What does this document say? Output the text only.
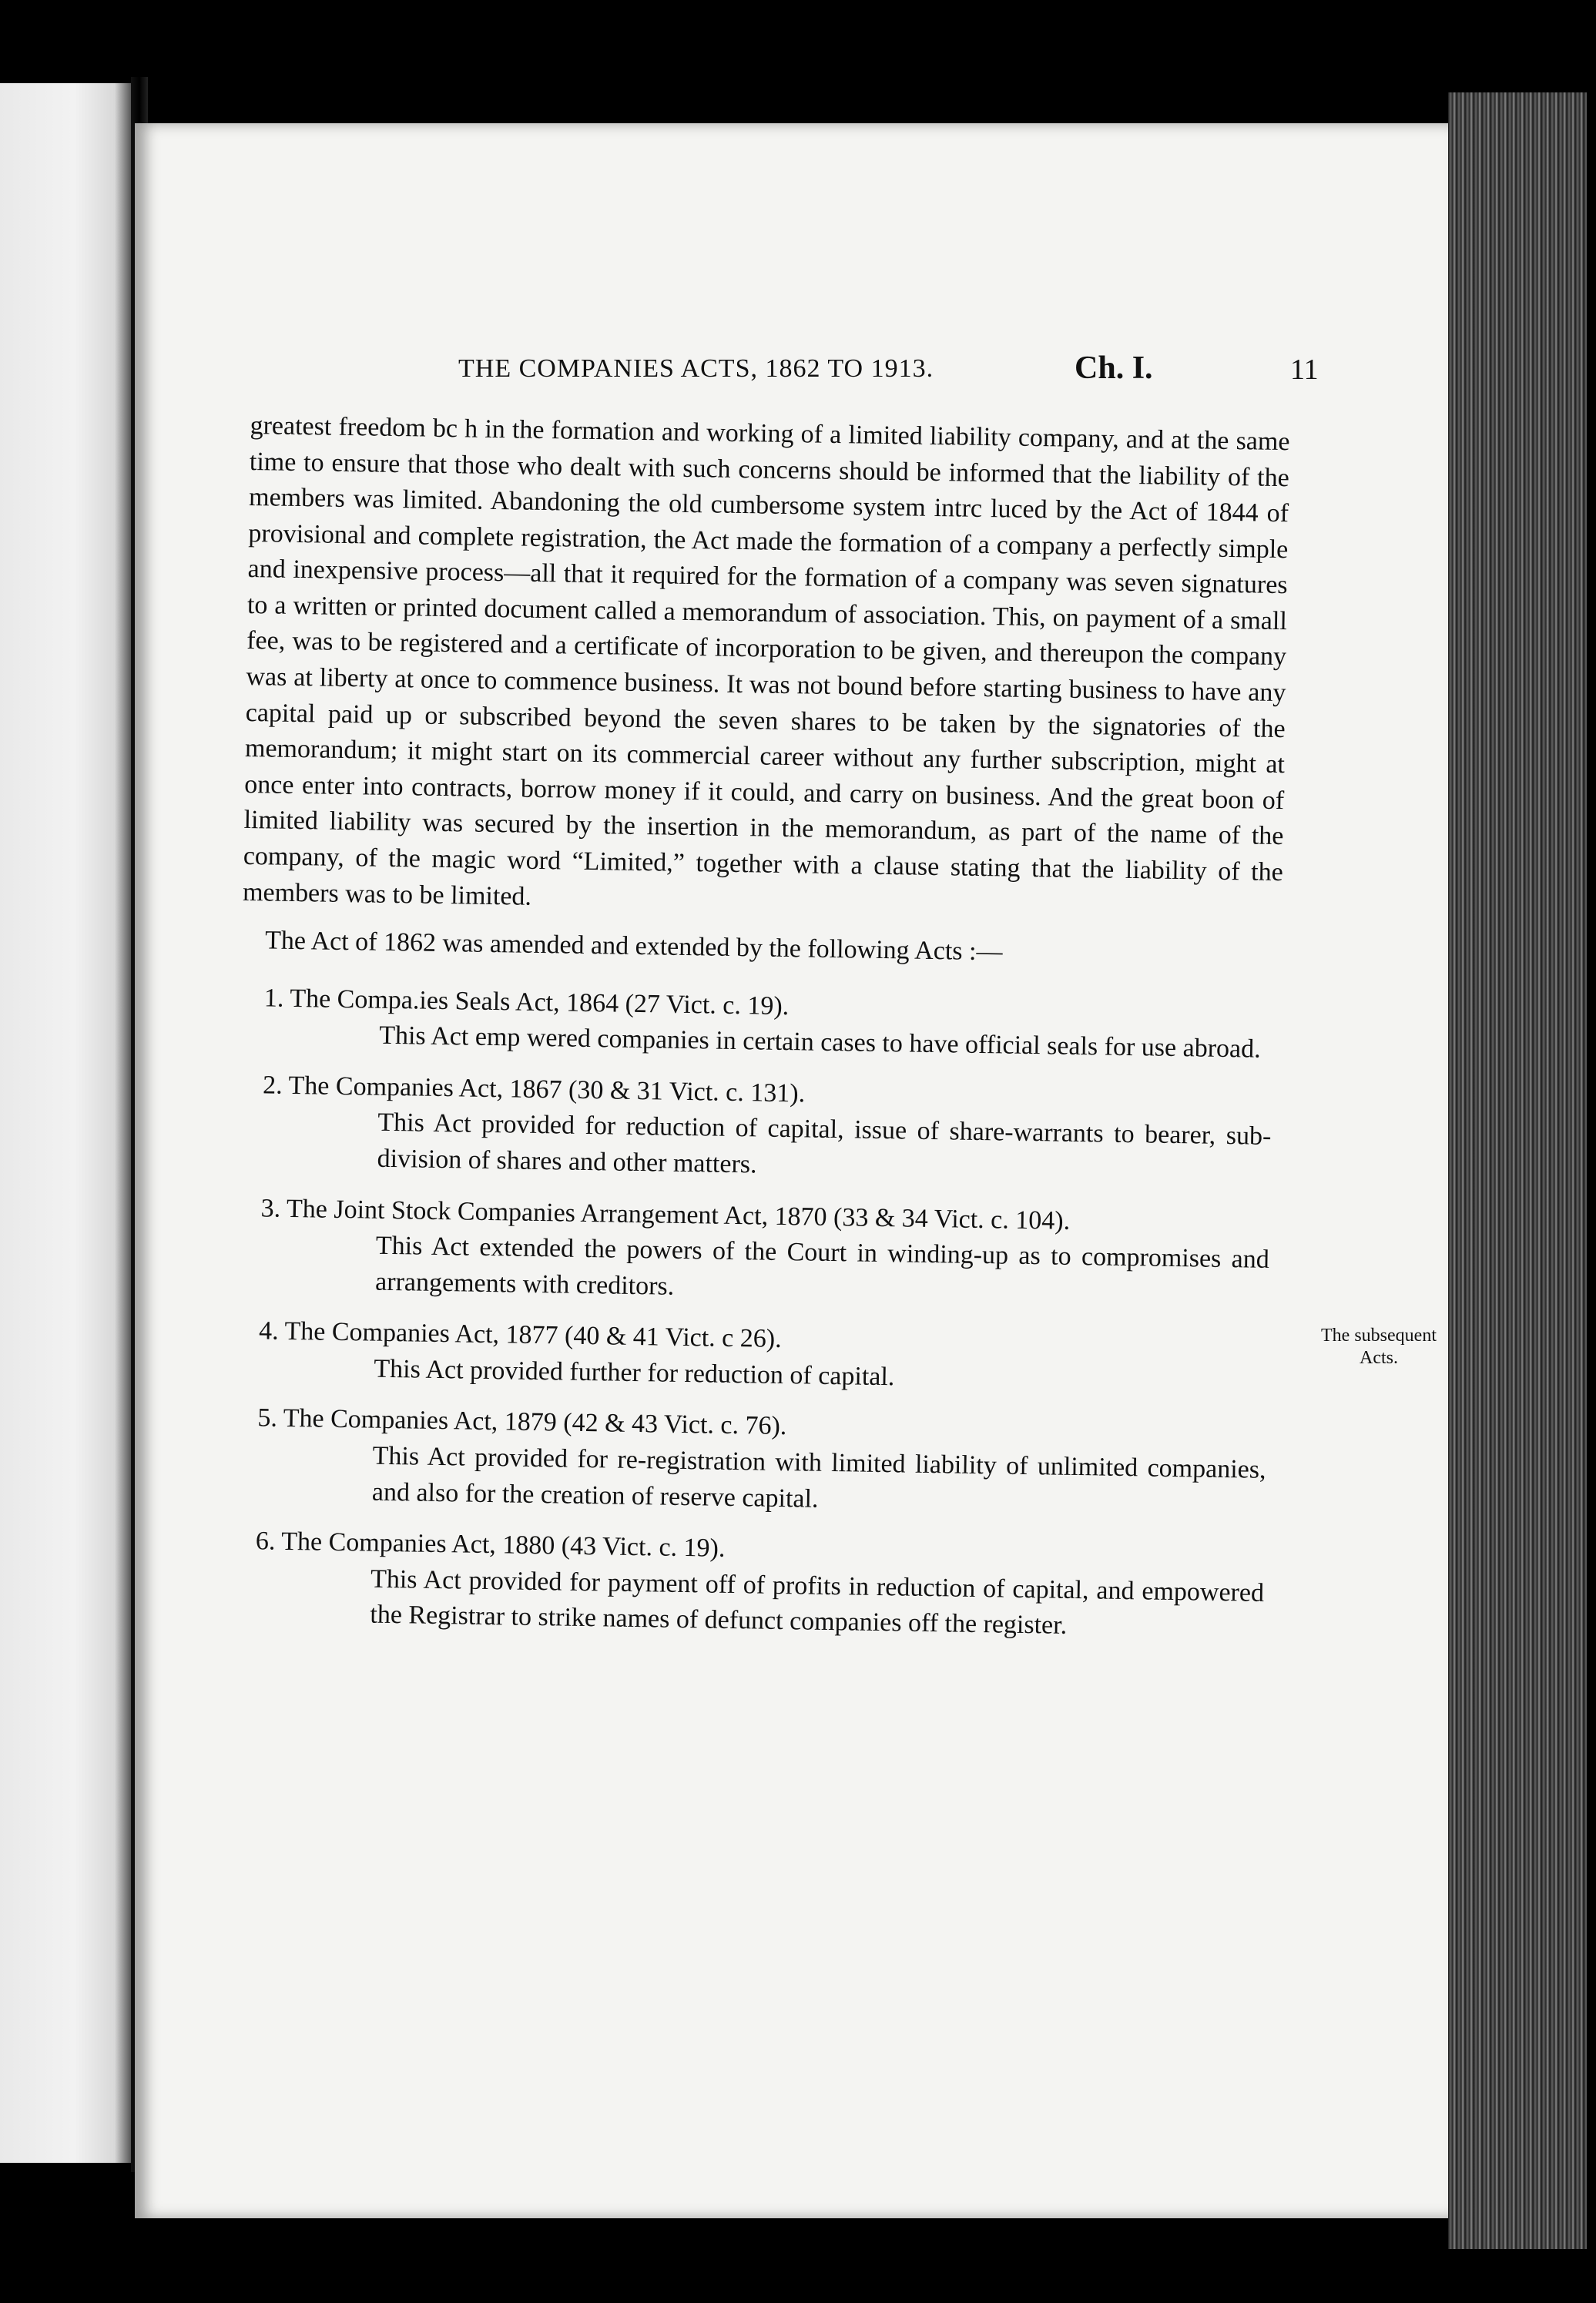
THE COMPANIES ACTS, 1862 TO 1913.	Ch. I.	11

greatest freedom bc h in the formation and working of a limited liability company, and at the same time to ensure that those who dealt with such concerns should be informed that the liability of the members was limited. Abandoning the old cumbersome system intrc luced by the Act of 1844 of provisional and complete registration, the Act made the formation of a company a perfectly simple and inexpensive process—all that it required for the formation of a company was seven signatures to a written or printed document called a memorandum of association. This, on payment of a small fee, was to be registered and a certificate of incorporation to be given, and thereupon the company was at liberty at once to commence business. It was not bound before starting business to have any capital paid up or subscribed beyond the seven shares to be taken by the signatories of the memorandum; it might start on its commercial career without any further subscription, might at once enter into contracts, borrow money if it could, and carry on business. And the great boon of limited liability was secured by the insertion in the memorandum, as part of the name of the company, of the magic word “Limited,” together with a clause stating that the liability of the members was to be limited.

The Act of 1862 was amended and extended by the following Acts :—

1. The Compa.ies Seals Act, 1864 (27 Vict. c. 19).
This Act emp wered companies in certain cases to have official seals for use abroad.
2. The Companies Act, 1867 (30 & 31 Vict. c. 131).
This Act provided for reduction of capital, issue of share-warrants to bearer, sub-division of shares and other matters.
3. The Joint Stock Companies Arrangement Act, 1870 (33 & 34 Vict. c. 104).
This Act extended the powers of the Court in winding-up as to compromises and arrangements with creditors.
4. The Companies Act, 1877 (40 & 41 Vict. c 26).
This Act provided further for reduction of capital.
5. The Companies Act, 1879 (42 & 43 Vict. c. 76).
This Act provided for re-registration with limited liability of unlimited companies, and also for the creation of reserve capital.
6. The Companies Act, 1880 (43 Vict. c. 19).
This Act provided for payment off of profits in reduction of capital, and empowered the Registrar to strike names of defunct companies off the register.
The subsequent Acts.
